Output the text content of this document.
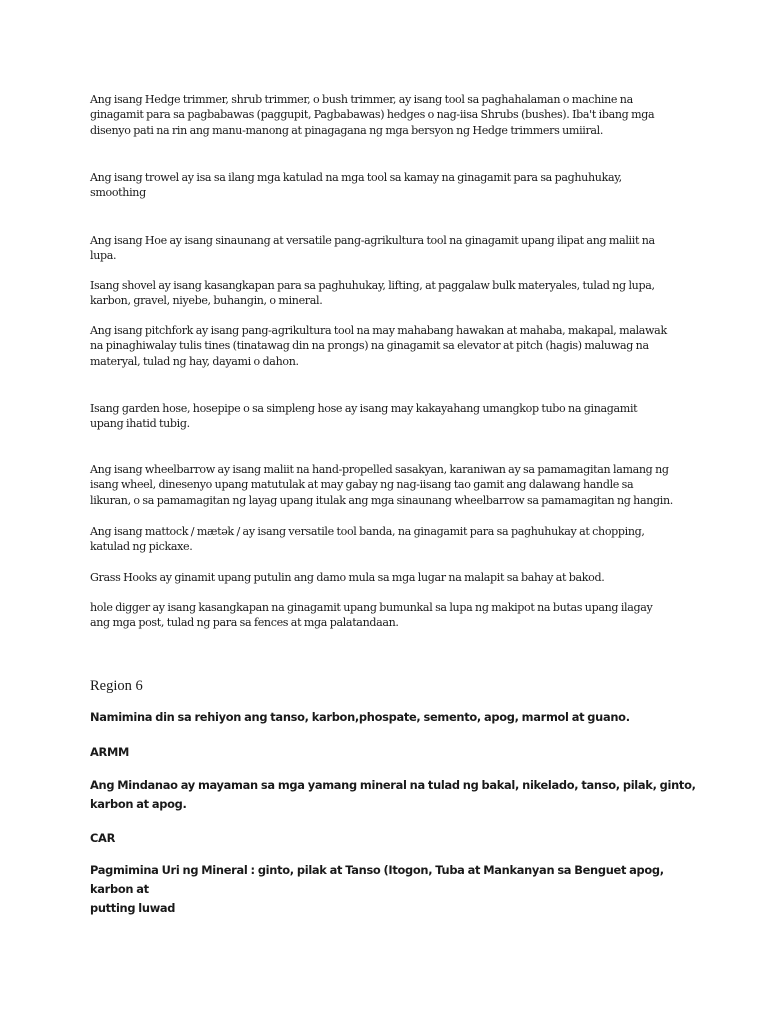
Ang isang Hedge trimmer, shrub trimmer, o bush trimmer, ay isang tool sa paghahalaman o machine na
ginagamit para sa pagbabawas (paggupit, Pagbabawas) hedges o nag-iisa Shrubs (bushes). Iba't ibang mga
disenyo pati na rin ang manu-manong at pinagagana ng mga bersyon ng Hedge trimmers umiiral.

Ang isang trowel ay isa sa ilang mga katulad na mga tool sa kamay na ginagamit para sa paghuhukay,
smoothing

Ang isang Hoe ay isang sinaunang at versatile pang-agrikultura tool na ginagamit upang ilipat ang maliit na
lupa.

Isang shovel ay isang kasangkapan para sa paghuhukay, lifting, at paggalaw bulk materyales, tulad ng lupa,
karbon, gravel, niyebe, buhangin, o mineral.

Ang isang pitchfork ay isang pang-agrikultura tool na may mahabang hawakan at mahaba, makapal, malawak
na pinaghiwalay tulis tines (tinatawag din na prongs) na ginagamit sa elevator at pitch (hagis) maluwag na
materyal, tulad ng hay, dayami o dahon.

Isang garden hose, hosepipe o sa simpleng hose ay isang may kakayahang umangkop tubo na ginagamit
upang ihatid tubig.

Ang isang wheelbarrow ay isang maliit na hand-propelled sasakyan, karaniwan ay sa pamamagitan lamang ng
isang wheel, dinesenyo upang matutulak at may gabay ng nag-iisang tao gamit ang dalawang handle sa
likuran, o sa pamamagitan ng layag upang itulak ang mga sinaunang wheelbarrow sa pamamagitan ng hangin.

Ang isang mattock / mætək / ay isang versatile tool banda, na ginagamit para sa paghuhukay at chopping,
katulad ng pickaxe.

Grass Hooks ay ginamit upang putulin ang damo mula sa mga lugar na malapit sa bahay at bakod.

hole digger ay isang kasangkapan na ginagamit upang bumunkal sa lupa ng makipot na butas upang ilagay
ang mga post, tulad ng para sa fences at mga palatandaan.

Region 6

Namimina din sa rehiyon ang tanso, karbon,phospate, semento, apog, marmol at guano.

ARMM

Ang Mindanao ay mayaman sa mga yamang mineral na tulad ng bakal, nikelado, tanso, pilak, ginto,
karbon at apog.

CAR

Pagmimina Uri ng Mineral : ginto, pilak at Tanso (Itogon, Tuba at Mankanyan sa Benguet apog, karbon at
putting luwad
